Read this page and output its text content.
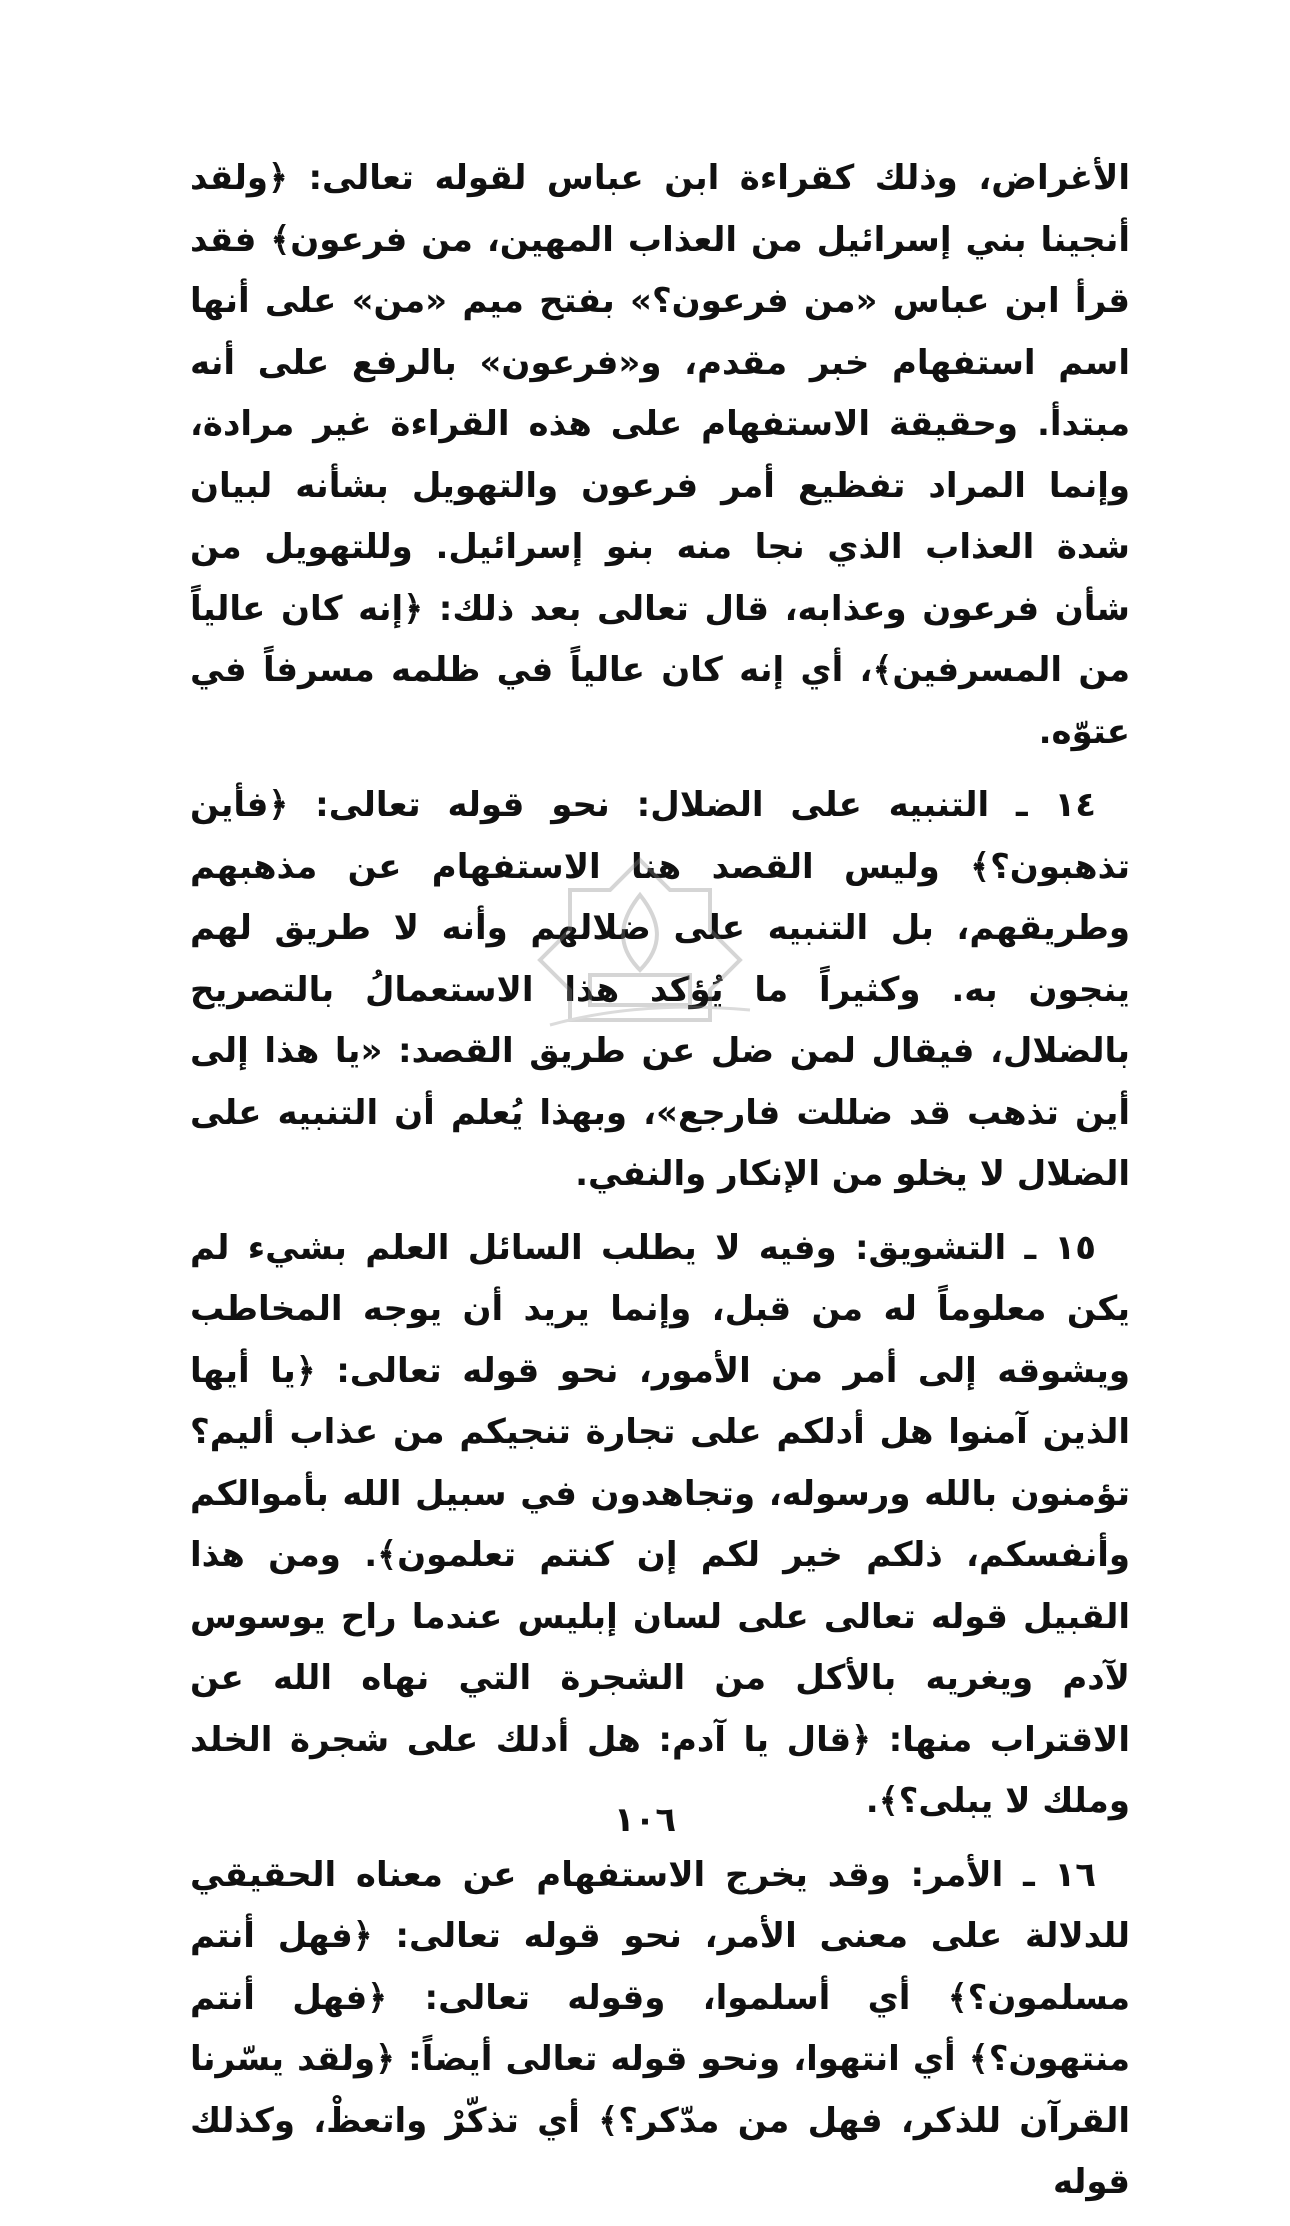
الأغراض، وذلك كقراءة ابن عباس لقوله تعالى: ﴿ولقد أنجينا بني إسرائيل من العذاب المهين، من فرعون﴾ فقد قرأ ابن عباس «من فرعون؟» بفتح ميم «من» على أنها اسم استفهام خبر مقدم، و«فرعون» بالرفع على أنه مبتدأ. وحقيقة الاستفهام على هذه القراءة غير مرادة، وإنما المراد تفظيع أمر فرعون والتهويل بشأنه لبيان شدة العذاب الذي نجا منه بنو إسرائيل. وللتهويل من شأن فرعون وعذابه، قال تعالى بعد ذلك: ﴿إنه كان عالياً من المسرفين﴾، أي إنه كان عالياً في ظلمه مسرفاً في عتوّه.

١٤ ـ التنبيه على الضلال: نحو قوله تعالى: ﴿فأين تذهبون؟﴾ وليس القصد هنا الاستفهام عن مذهبهم وطريقهم، بل التنبيه على ضلالهم وأنه لا طريق لهم ينجون به. وكثيراً ما يُؤكد هذا الاستعمالُ بالتصريح بالضلال، فيقال لمن ضل عن طريق القصد: «يا هذا إلى أين تذهب قد ضللت فارجع»، وبهذا يُعلم أن التنبيه على الضلال لا يخلو من الإنكار والنفي.

١٥ ـ التشويق: وفيه لا يطلب السائل العلم بشيء لم يكن معلوماً له من قبل، وإنما يريد أن يوجه المخاطب ويشوقه إلى أمر من الأمور، نحو قوله تعالى: ﴿يا أيها الذين آمنوا هل أدلكم على تجارة تنجيكم من عذاب أليم؟ تؤمنون بالله ورسوله، وتجاهدون في سبيل الله بأموالكم وأنفسكم، ذلكم خير لكم إن كنتم تعلمون﴾. ومن هذا القبيل قوله تعالى على لسان إبليس عندما راح يوسوس لآدم ويغريه بالأكل من الشجرة التي نهاه الله عن الاقتراب منها: ﴿قال يا آدم: هل أدلك على شجرة الخلد وملك لا يبلى؟﴾.

١٦ ـ الأمر: وقد يخرج الاستفهام عن معناه الحقيقي للدلالة على معنى الأمر، نحو قوله تعالى: ﴿فهل أنتم مسلمون؟﴾ أي أسلموا، وقوله تعالى: ﴿فهل أنتم منتهون؟﴾ أي انتهوا، ونحو قوله تعالى أيضاً: ﴿ولقد يسّرنا القرآن للذكر، فهل من مدّكر؟﴾ أي تذكّرْ واتعظْ، وكذلك قوله

١٠٦
